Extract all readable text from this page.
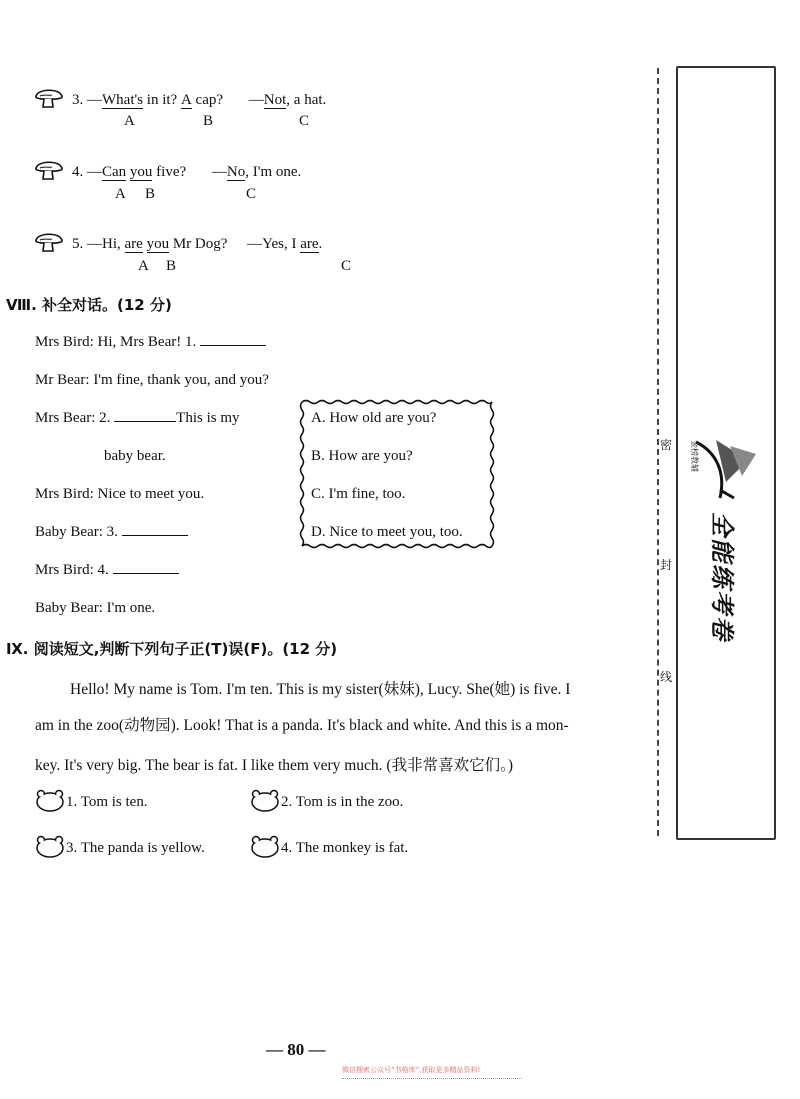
3. —What's in it? A cap? —Not, a hat.
A	B	C
4. —Can you five? —No, I'm one.
A B	C
5. —Hi, are you Mr Dog? —Yes, I are.
A B	C
Ⅷ. 补全对话。(12 分)
Mrs Bird: Hi, Mrs Bear! 1.
Mr Bear: I'm fine, thank you, and you?
Mrs Bear: 2.	This is my
baby bear.
Mrs Bird: Nice to meet you.
Baby Bear: 3.
Mrs Bird: 4.
Baby Bear: I'm one.
A. How old are you?
B. How are you?
C. I'm fine, too.
D. Nice to meet you, too.
Ⅸ. 阅读短文,判断下列句子正(T)误(F)。(12 分)
Hello! My name is Tom. I'm ten. This is my sister(妹妹), Lucy. She(她) is five. I
am in the zoo(动物园). Look! That is a panda. It's black and white. And this is a mon-
key. It's very big. The bear is fat. I like them very much. (我非常喜欢它们。)
1. Tom is ten.	2. Tom is in the zoo.
3. The panda is yellow.	4. The monkey is fat.
密
封
线
金榜教辅
全能练考卷
— 80 —
微信搜索公众号“书格库”,获取更多精品资料!
